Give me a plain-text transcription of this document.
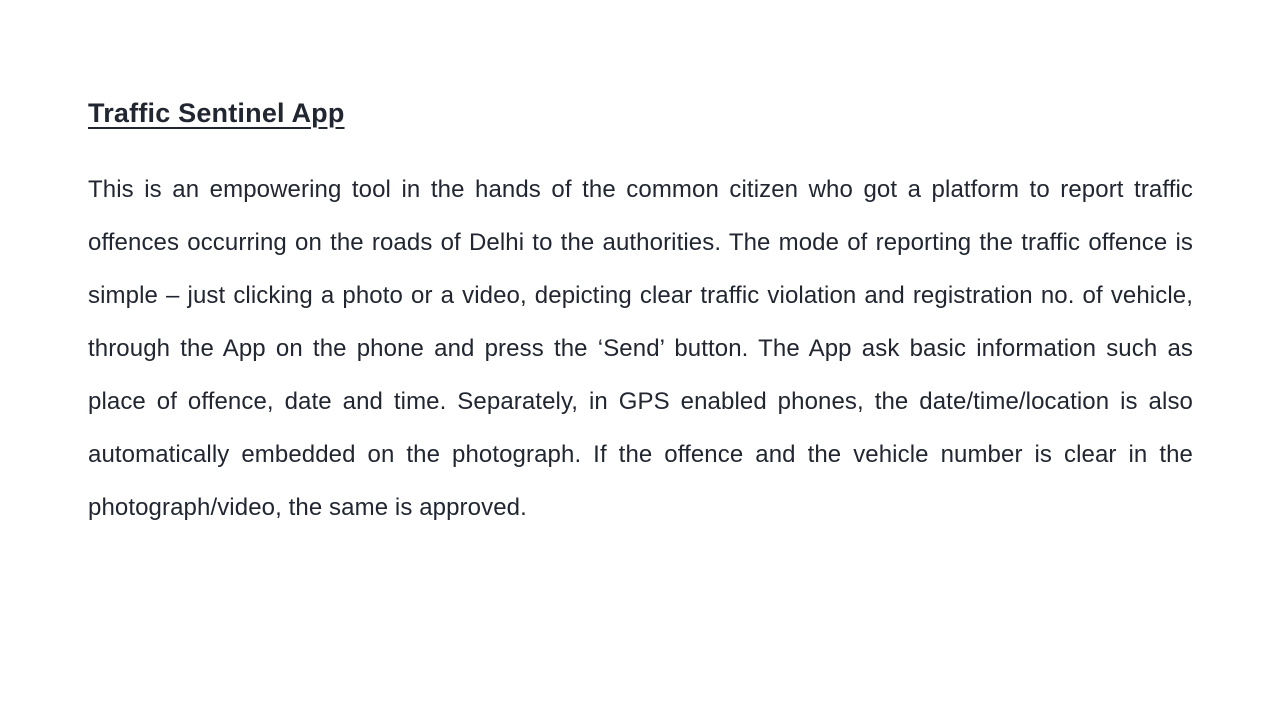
Traffic Sentinel App

This is an empowering tool in the hands of the common citizen who got a platform to report traffic offences occurring on the roads of Delhi to the authorities. The mode of reporting the traffic offence is simple – just clicking a photo or a video, depicting clear traffic violation and registration no. of vehicle, through the App on the phone and press the ‘Send’ button. The App ask basic information such as place of offence, date and time. Separately, in GPS enabled phones, the date/time/location is also automatically embedded on the photograph. If the offence and the vehicle number is clear in the photograph/video, the same is approved.
